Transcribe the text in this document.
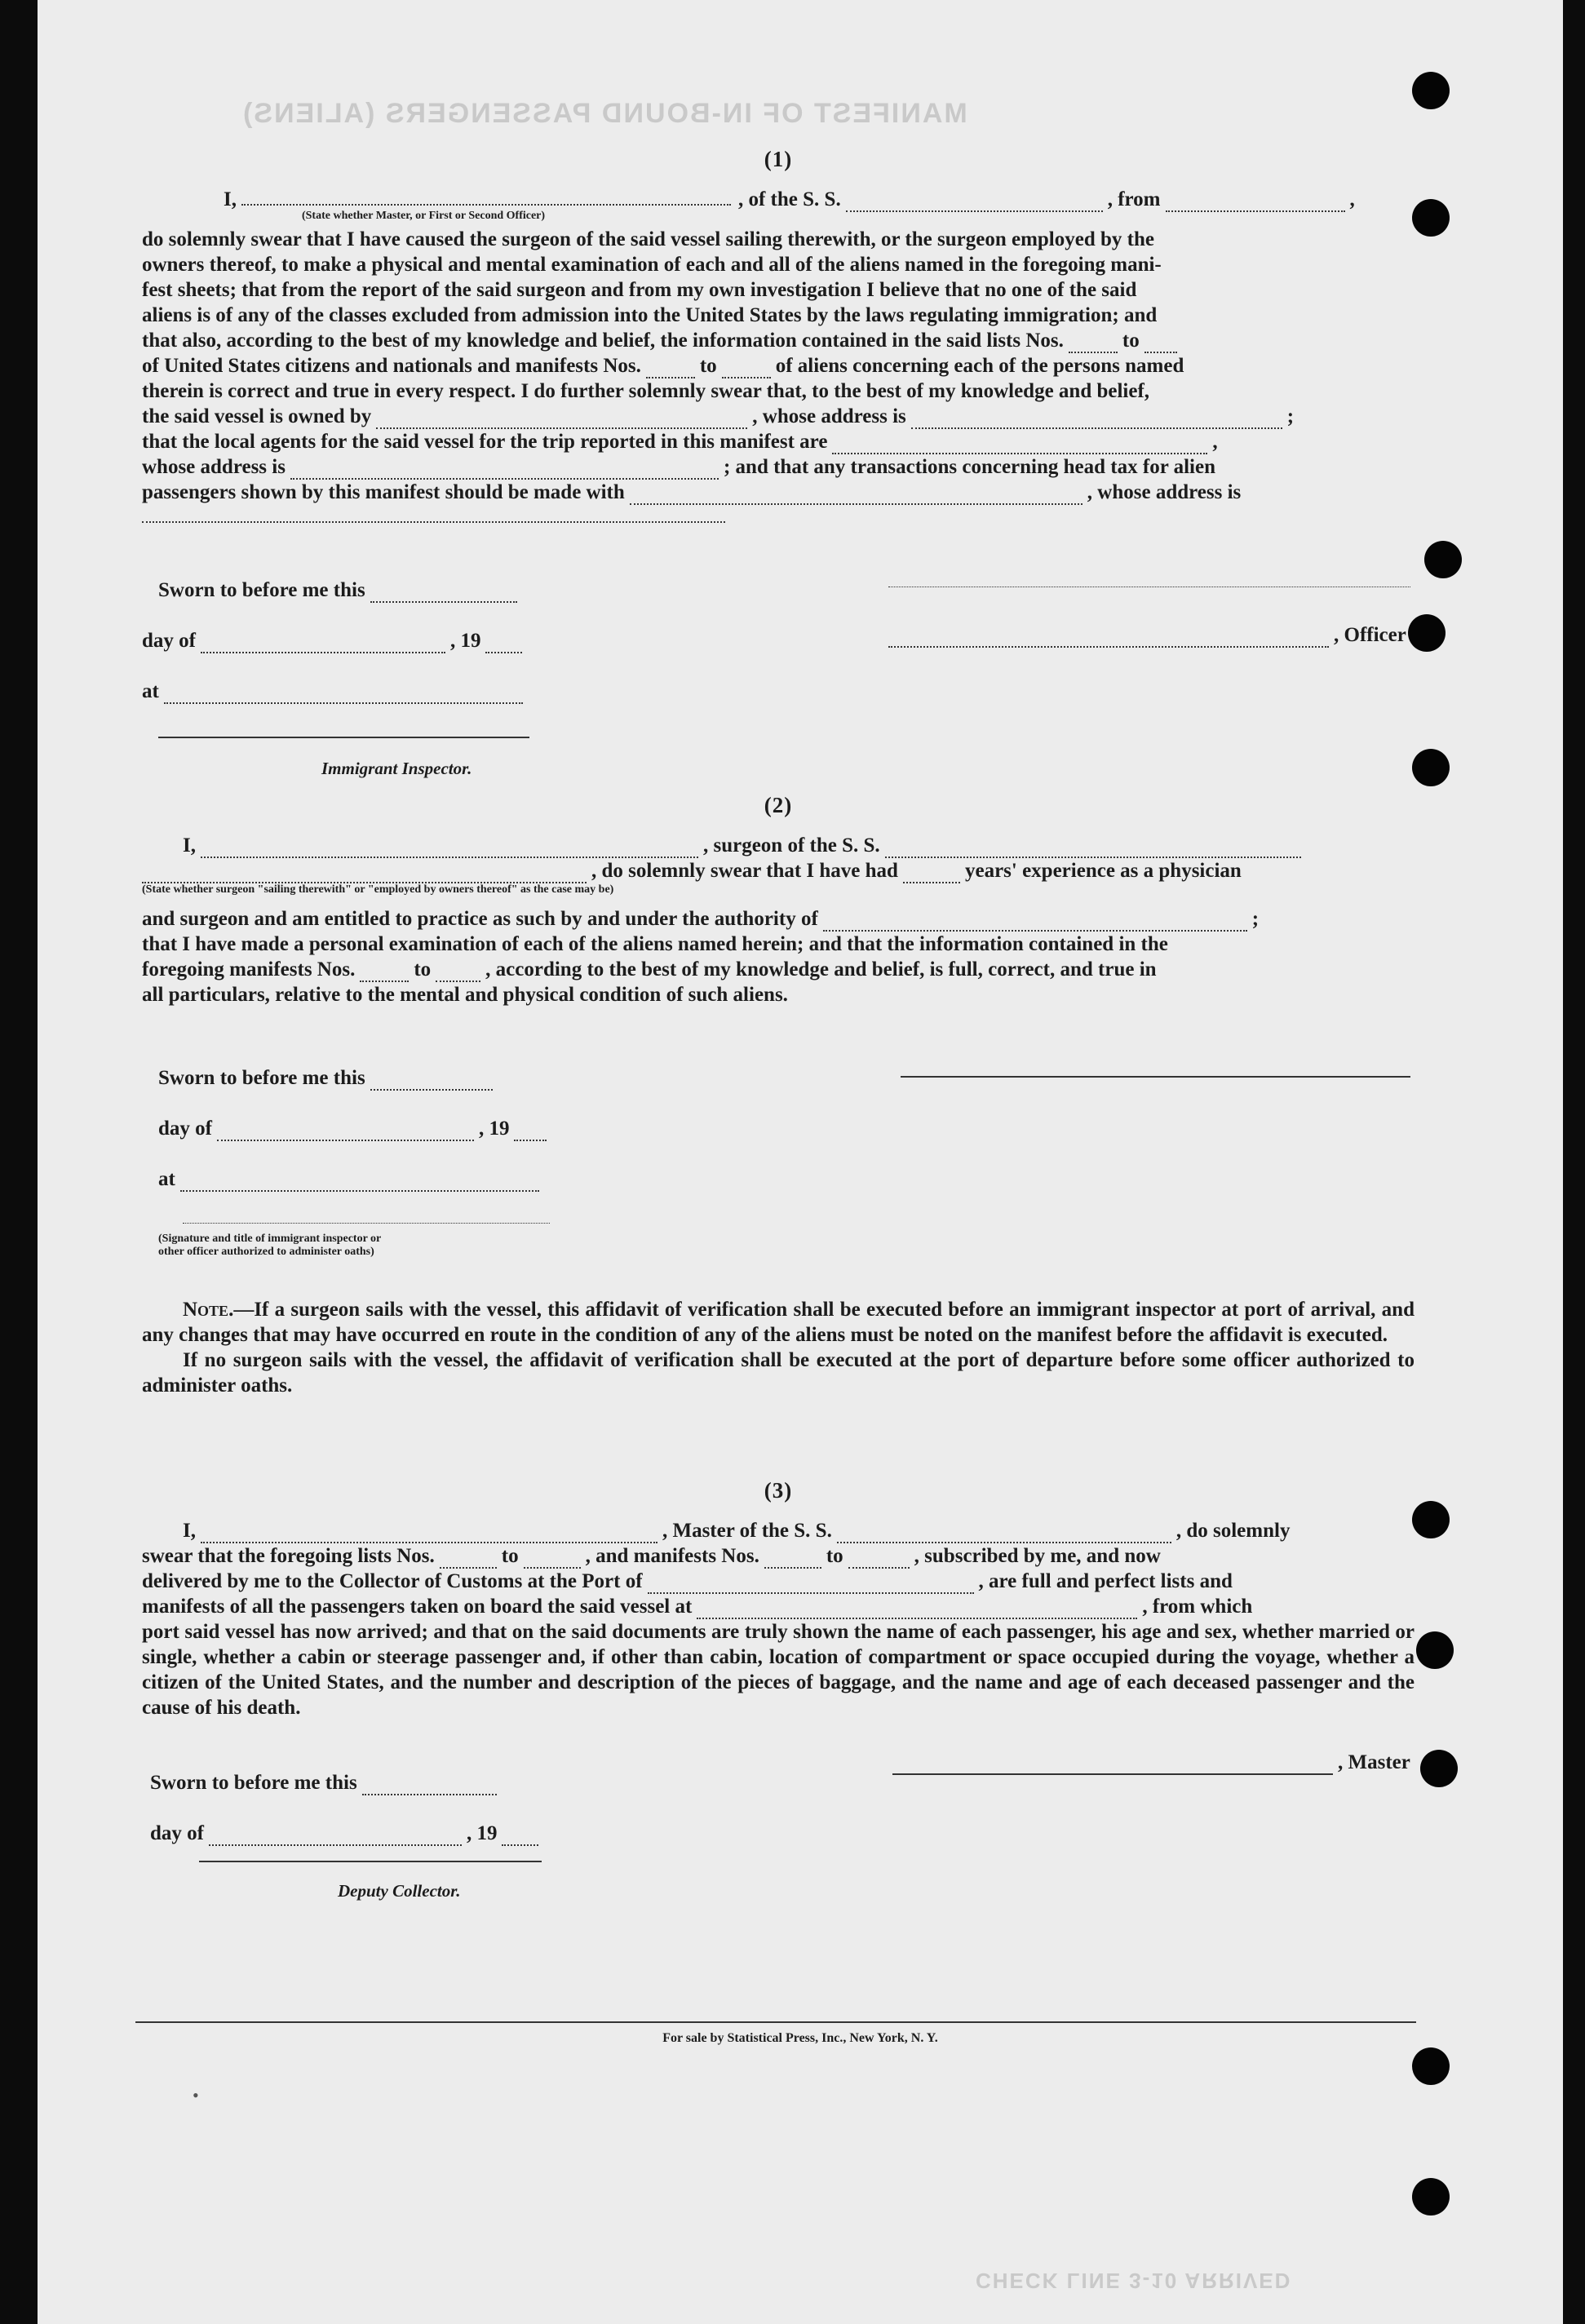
MANIFEST OF IN-BOUND PASSENGERS (ALIENS)
CHECK LINE 3-10 ARRIVED
(1)
I,
(State whether Master, or First or Second Officer)
, of the S. S.	, from	,

do solemnly swear that I have caused the surgeon of the said vessel sailing therewith, or the surgeon employed by the

owners thereof, to make a physical and mental examination of each and all of the aliens named in the foregoing mani-

fest sheets; that from the report of the said surgeon and from my own investigation I believe that no one of the said

aliens is of any of the classes excluded from admission into the United States by the laws regulating immigration; and

that also, according to the best of my knowledge and belief, the information contained in the said lists Nos.	to
of United States citizens and nationals and manifests Nos.	to	of aliens concerning each of the persons named

therein is correct and true in every respect. I do further solemnly swear that, to the best of my knowledge and belief,

the said vessel is owned by	, whose address is	;
that the local agents for the said vessel for the trip reported in this manifest are	,
whose address is	; and that any transactions concerning head tax for alien
passengers shown by this manifest should be made with	, whose address is
Sworn to before me this
day of	, 19
at
Immigrant Inspector.
, Officer
(2)
I,	, surgeon of the S. S.
, do solemnly swear that I have had	years' experience as a physician
(State whether surgeon "sailing therewith" or "employed by owners thereof" as the case may be)
and surgeon and am entitled to practice as such by and under the authority of	;

that I have made a personal examination of each of the aliens named herein; and that the information contained in the

foregoing manifests Nos.	to	, according to the best of my knowledge and belief, is full, correct, and true in

all particulars, relative to the mental and physical condition of such aliens.

Sworn to before me this
day of	, 19
at
(Signature and title of immigrant inspector or
other officer authorized to administer oaths)

Note.—If a surgeon sails with the vessel, this affidavit of verification shall be executed before an immigrant inspector at port of arrival, and any changes that may have occurred en route in the condition of any of the aliens must be noted on the manifest before the affidavit is executed.

If no surgeon sails with the vessel, the affidavit of verification shall be executed at the port of departure before some officer authorized to administer oaths.

(3)
I,	, Master of the S. S.	, do solemnly
swear that the foregoing lists Nos.	to	, and manifests Nos.	to	, subscribed by me, and now
delivered by me to the Collector of Customs at the Port of	, are full and perfect lists and
manifests of all the passengers taken on board the said vessel at	, from which

port said vessel has now arrived; and that on the said documents are truly shown the name of each passenger, his age and sex, whether married or single, whether a cabin or steerage passenger and, if other than cabin, location of compartment or space occupied during the voyage, whether a citizen of the United States, and the number and description of the pieces of baggage, and the name and age of each deceased passenger and the cause of his death.

Sworn to before me this
day of	, 19
Deputy Collector.
, Master
For sale by Statistical Press, Inc., New York, N. Y.
•
